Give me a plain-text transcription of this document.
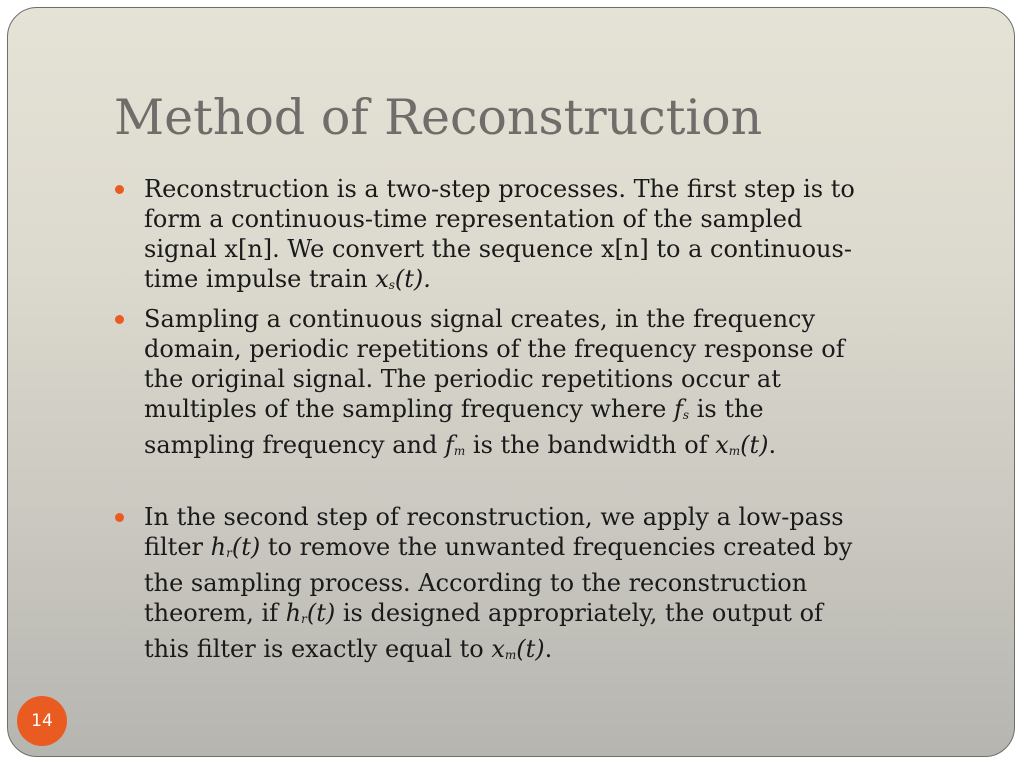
Method of Reconstruction
Reconstruction is a two-step processes. The first step is to
form a continuous-time representation of the sampled
signal x[n]. We convert the sequence x[n] to a continuous-
time impulse train xs(t).
Sampling a continuous signal creates, in the frequency
domain, periodic repetitions of the frequency response of
the original signal. The periodic repetitions occur at
multiples of the sampling frequency where fs is the
sampling frequency and fm is the bandwidth of xm(t).
In the second step of reconstruction, we apply a low-pass
filter hr(t) to remove the unwanted frequencies created by
the sampling process. According to the reconstruction
theorem, if hr(t) is designed appropriately, the output of
this filter is exactly equal to xm(t).
14
